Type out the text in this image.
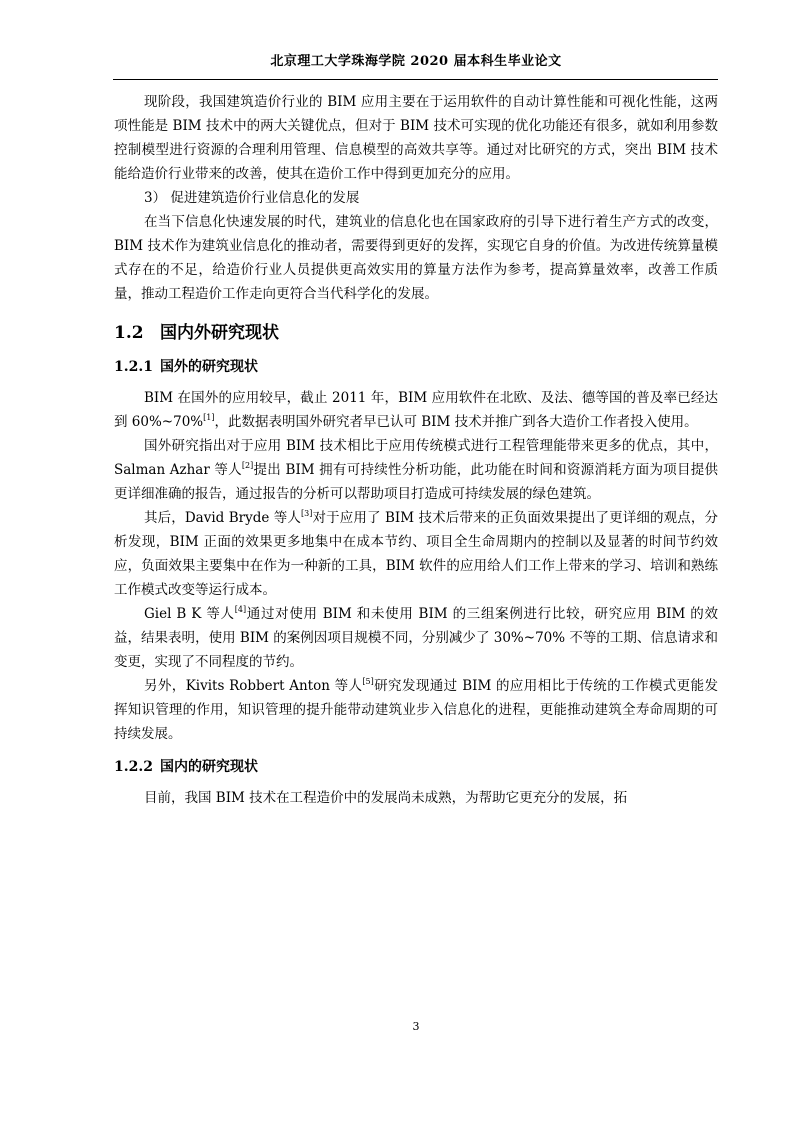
北京理工大学珠海学院 2020 届本科生毕业论文

现阶段，我国建筑造价行业的 BIM 应用主要在于运用软件的自动计算性能和可视化性能，这两项性能是 BIM 技术中的两大关键优点，但对于 BIM 技术可实现的优化功能还有很多，就如利用参数控制模型进行资源的合理利用管理、信息模型的高效共享等。通过对比研究的方式，突出 BIM 技术能给造价行业带来的改善，使其在造价工作中得到更加充分的应用。

3） 促进建筑造价行业信息化的发展

在当下信息化快速发展的时代，建筑业的信息化也在国家政府的引导下进行着生产方式的改变，BIM 技术作为建筑业信息化的推动者，需要得到更好的发挥，实现它自身的价值。为改进传统算量模式存在的不足，给造价行业人员提供更高效实用的算量方法作为参考，提高算量效率，改善工作质量，推动工程造价工作走向更符合当代科学化的发展。

1.2 国内外研究现状
1.2.1 国外的研究现状

BIM 在国外的应用较早，截止 2011 年，BIM 应用软件在北欧、及法、德等国的普及率已经达到 60%~70%[1]，此数据表明国外研究者早已认可 BIM 技术并推广到各大造价工作者投入使用。

国外研究指出对于应用 BIM 技术相比于应用传统模式进行工程管理能带来更多的优点，其中，Salman Azhar 等人[2]提出 BIM 拥有可持续性分析功能，此功能在时间和资源消耗方面为项目提供更详细准确的报告，通过报告的分析可以帮助项目打造成可持续发展的绿色建筑。

其后，David Bryde 等人[3]对于应用了 BIM 技术后带来的正负面效果提出了更详细的观点，分析发现，BIM 正面的效果更多地集中在成本节约、项目全生命周期内的控制以及显著的时间节约效应，负面效果主要集中在作为一种新的工具，BIM 软件的应用给人们工作上带来的学习、培训和熟练工作模式改变等运行成本。

Giel B K 等人[4]通过对使用 BIM 和未使用 BIM 的三组案例进行比较，研究应用 BIM 的效益，结果表明，使用 BIM 的案例因项目规模不同，分别减少了 30%~70% 不等的工期、信息请求和变更，实现了不同程度的节约。

另外，Kivits Robbert Anton 等人[5]研究发现通过 BIM 的应用相比于传统的工作模式更能发挥知识管理的作用，知识管理的提升能带动建筑业步入信息化的进程，更能推动建筑全寿命周期的可持续发展。

1.2.2 国内的研究现状

目前，我国 BIM 技术在工程造价中的发展尚未成熟，为帮助它更充分的发展，拓

3
